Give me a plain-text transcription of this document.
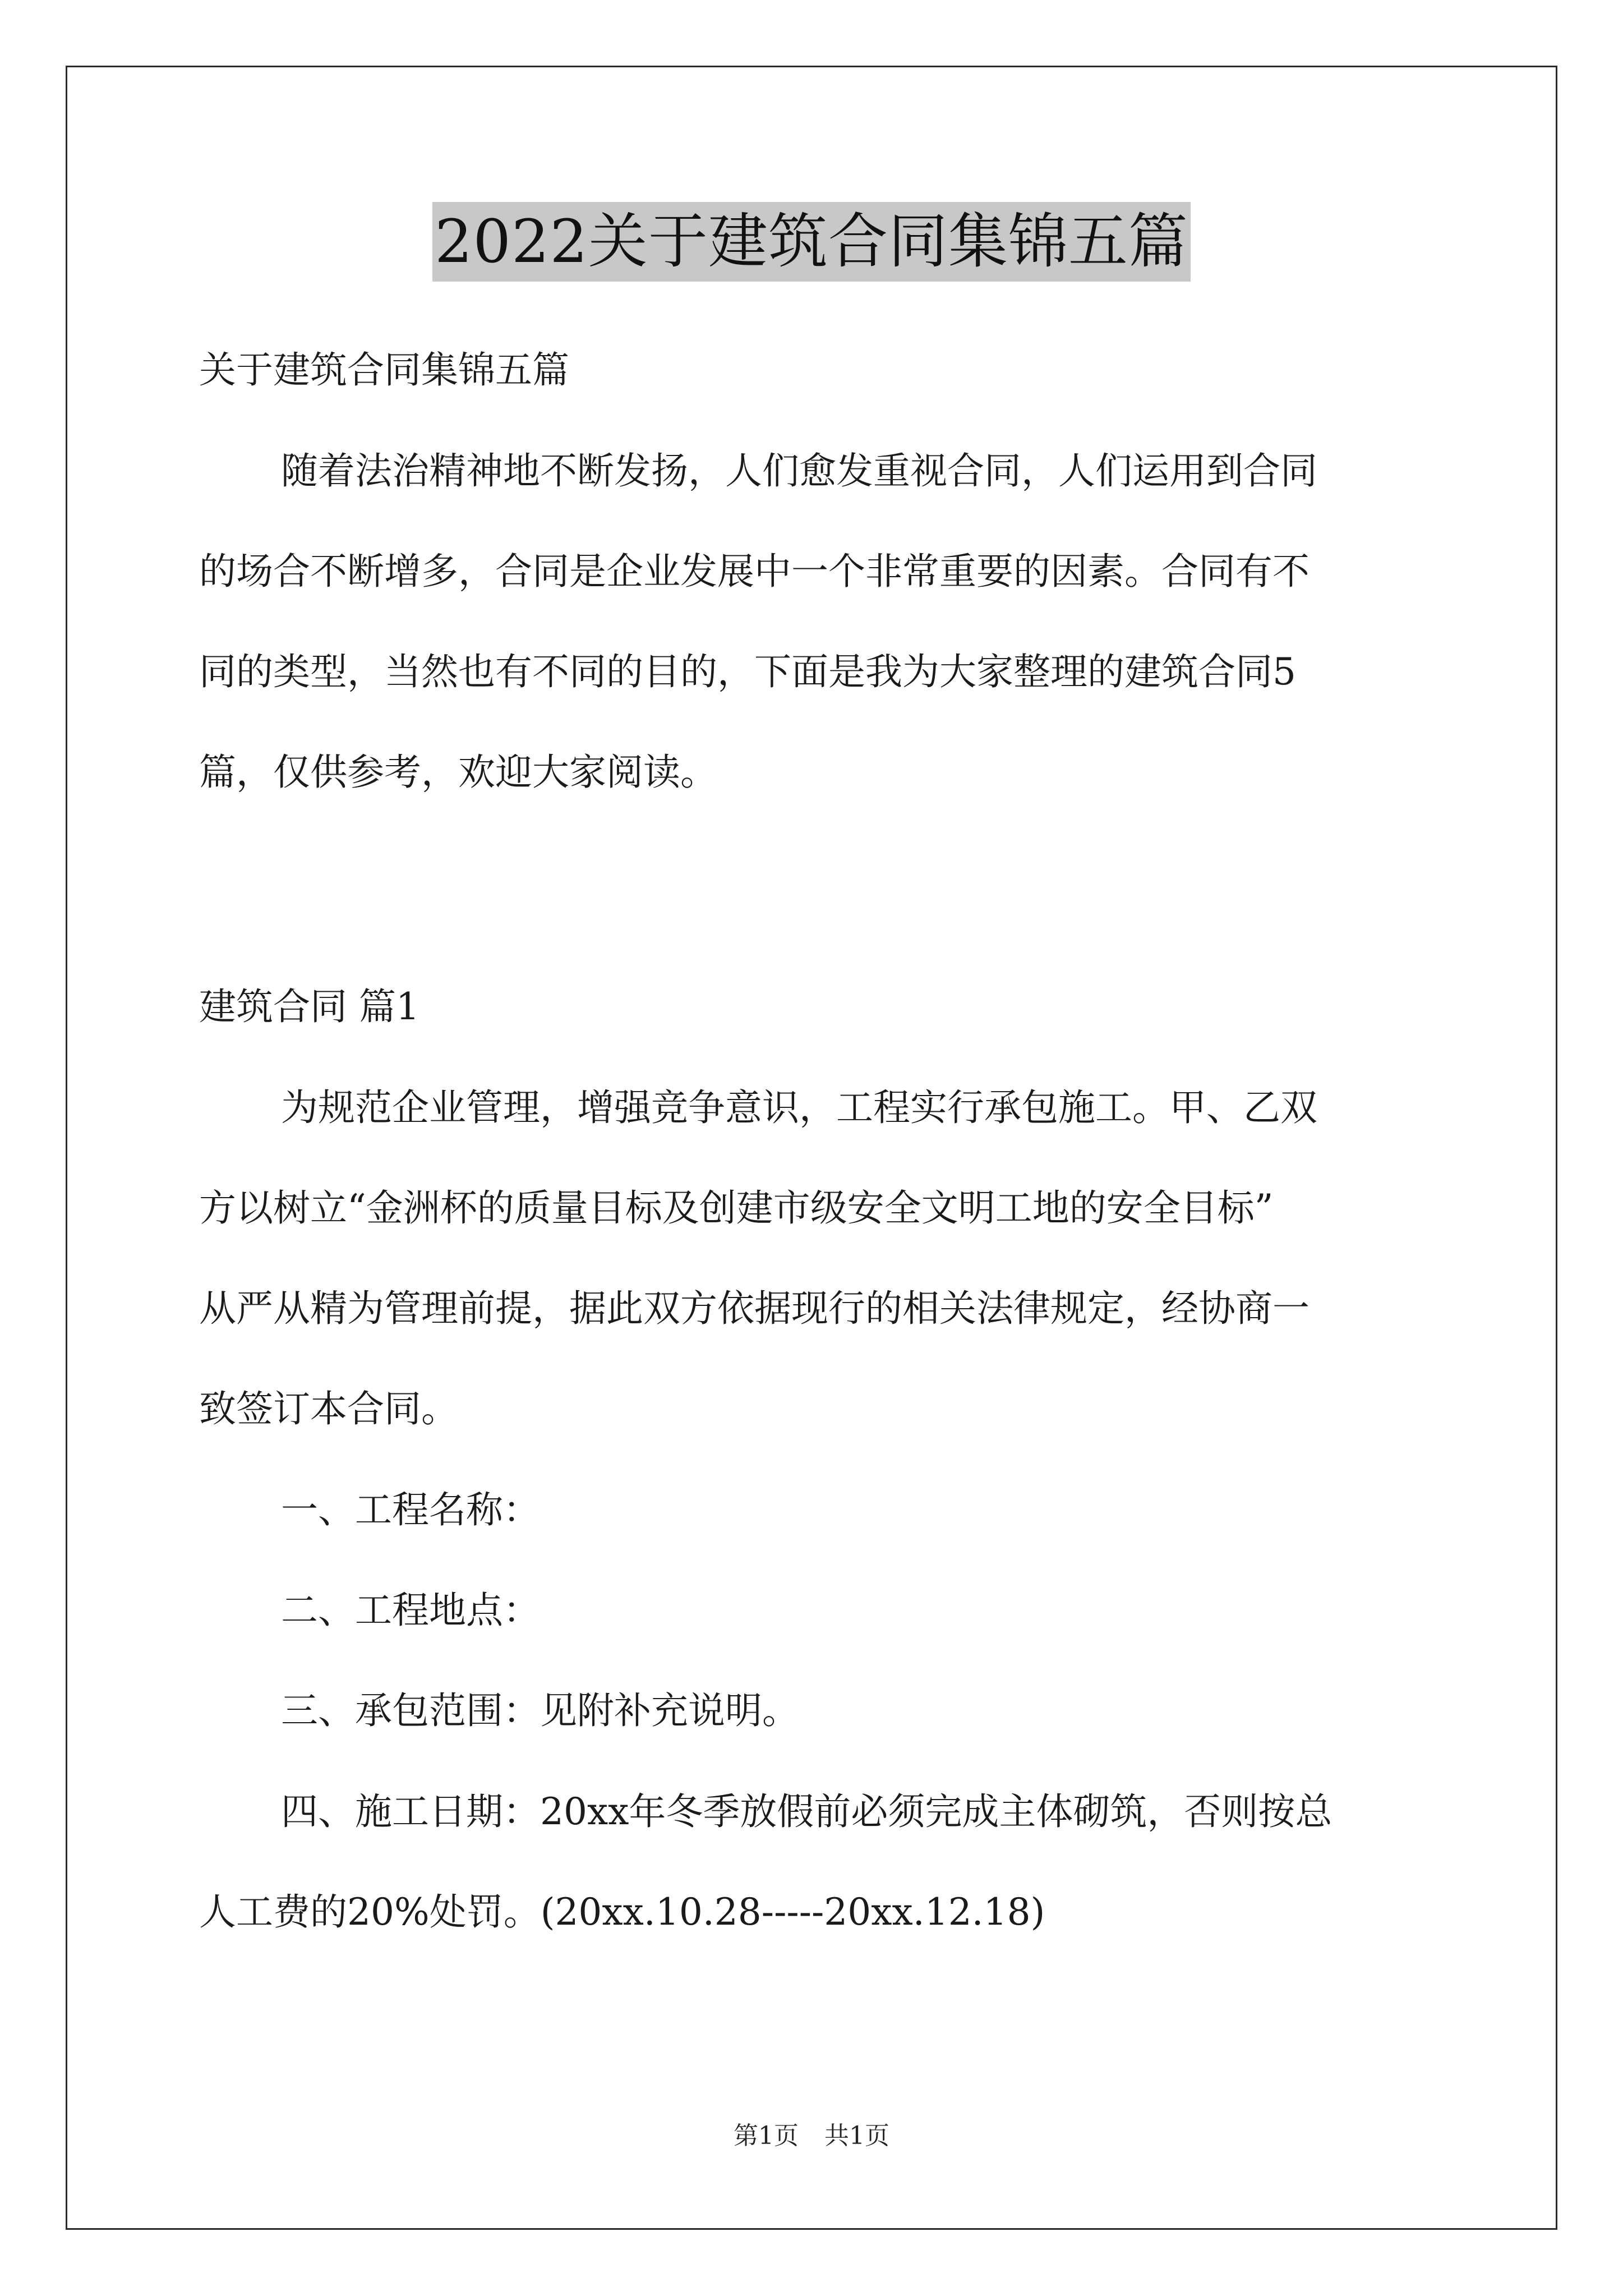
2022关于建筑合同集锦五篇
关于建筑合同集锦五篇
随着法治精神地不断发扬，人们愈发重视合同，人们运用到合同
的场合不断增多，合同是企业发展中一个非常重要的因素。合同有不
同的类型，当然也有不同的目的，下面是我为大家整理的建筑合同5
篇，仅供参考，欢迎大家阅读。
建筑合同 篇1
为规范企业管理，增强竞争意识，工程实行承包施工。甲、乙双
方以树立“金洲杯的质量目标及创建市级安全文明工地的安全目标”
从严从精为管理前提，据此双方依据现行的相关法律规定，经协商一
致签订本合同。
一、工程名称：
二、工程地点：
三、承包范围：见附补充说明。
四、施工日期：20xx年冬季放假前必须完成主体砌筑，否则按总
人工费的20%处罚。(20xx.10.28-----20xx.12.18)
第1页 共1页
